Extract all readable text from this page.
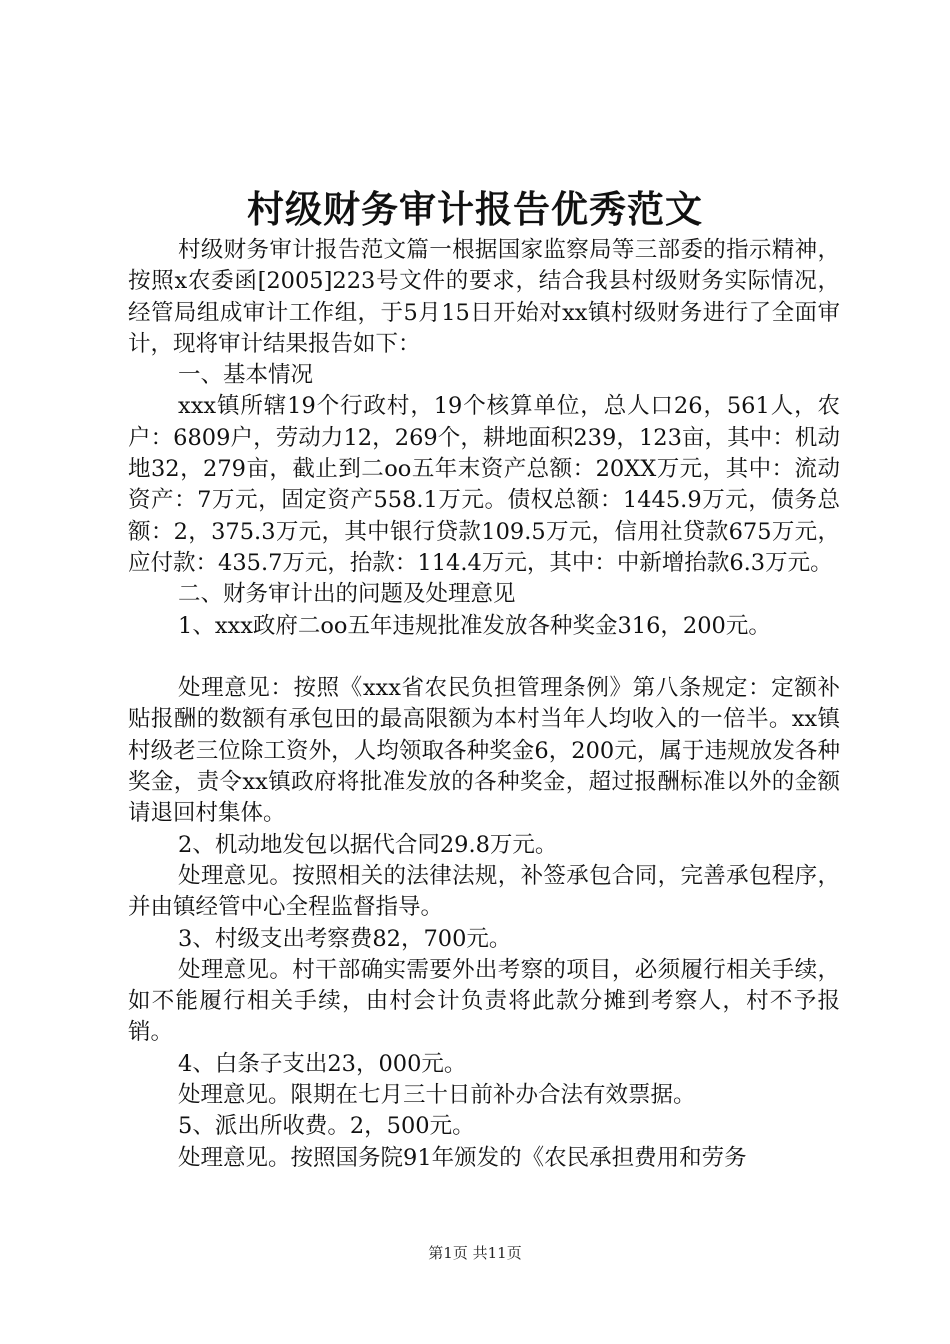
村级财务审计报告优秀范文

村级财务审计报告范文篇一根据国家监察局等三部委的指示精神，按照x农委函[2005]223号文件的要求，结合我县村级财务实际情况，经管局组成审计工作组，于5月15日开始对xx镇村级财务进行了全面审计，现将审计结果报告如下：

一、基本情况

xxx镇所辖19个行政村，19个核算单位，总人口26，561人，农户：6809户，劳动力12，269个，耕地面积239，123亩，其中：机动地32，279亩，截止到二oo五年末资产总额：20XX万元，其中：流动资产：7万元，固定资产558.1万元。债权总额：1445.9万元，债务总额：2，375.3万元，其中银行贷款109.5万元，信用社贷款675万元，应付款：435.7万元，抬款：114.4万元，其中：中新增抬款6.3万元。

二、财务审计出的问题及处理意见

1、xxx政府二oo五年违规批准发放各种奖金316，200元。

处理意见：按照《xxx省农民负担管理条例》第八条规定：定额补贴报酬的数额有承包田的最高限额为本村当年人均收入的一倍半。xx镇村级老三位除工资外，人均领取各种奖金6，200元，属于违规放发各种奖金，责令xx镇政府将批准发放的各种奖金，超过报酬标准以外的金额请退回村集体。

2、机动地发包以据代合同29.8万元。

处理意见。按照相关的法律法规，补签承包合同，完善承包程序，并由镇经管中心全程监督指导。

3、村级支出考察费82，700元。

处理意见。村干部确实需要外出考察的项目，必须履行相关手续，如不能履行相关手续，由村会计负责将此款分摊到考察人，村不予报销。

4、白条子支出23，000元。

处理意见。限期在七月三十日前补办合法有效票据。

5、派出所收费。2，500元。

处理意见。按照国务院91年颁发的《农民承担费用和劳务

第1页 共11页
